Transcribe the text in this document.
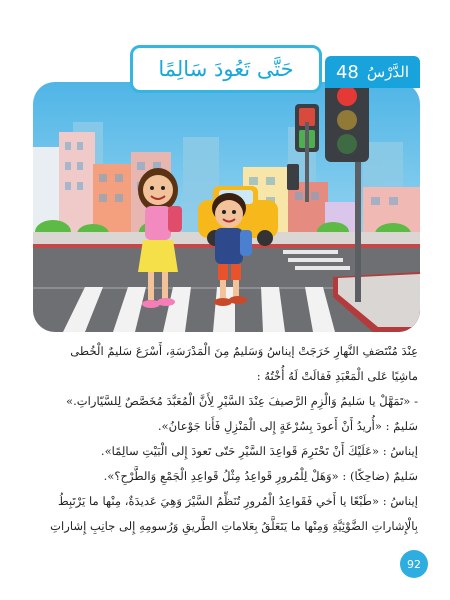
حَتَّى تَعُودَ سَالِمًا	الدَّرْسُ
48
عِنْدَ مُنْتَصَفِ النَّهارِ خَرَجَتْ إيناسُ وَسَليمٌ مِنَ الْمَدْرَسَةِ، أَسْرَعَ سَليمٌ الْخُطى
ماشِيًا عَلى الْمَعْبَدِ فَقالَتْ لَهُ أُخْتُهُ :
- «تَمَهَّلْ يا سَليمُ وَالْزِمِ الرَّصيفَ عِنْدَ السَّيْرِ لِأَنَّ الْمُعَبَّدَ مُخَصَّصٌ لِلسَّيّاراتِ.»
سَليمٌ : «أُريدُ أَنْ أَعودَ بِسُرْعَةٍ إِلى الْمَنْزِلِ فَأَنا جَوْعانُ».
إيناسُ : «عَلَيْكَ أَنْ تَحْتَرِمَ قَواعِدَ السَّيْرِ حَتّى تَعودَ إِلى الْبَيْتِ سالِمًا».
سَليمٌ (ضاحِكًا) : «وَهَلْ لِلْمُرورِ قَواعِدُ مِثْلُ قَواعِدِ الْجَمْعِ وَالطَّرْحِ؟».
إيناسُ : «طَبْعًا يا أَخي فَقَواعِدُ الْمُرورِ تُنَظِّمُ السَّيْرَ وَهِيَ عَديدَةٌ، مِنْها ما يَرْتَبِطُ
بِالْإِشاراتِ الضَّوْئِيَّةِ وَمِنْها ما يَتَعَلَّقُ بِعَلاماتِ الطَّريقِ وَرُسومِهِ إِلى جانِبِ إِشاراتِ
92
